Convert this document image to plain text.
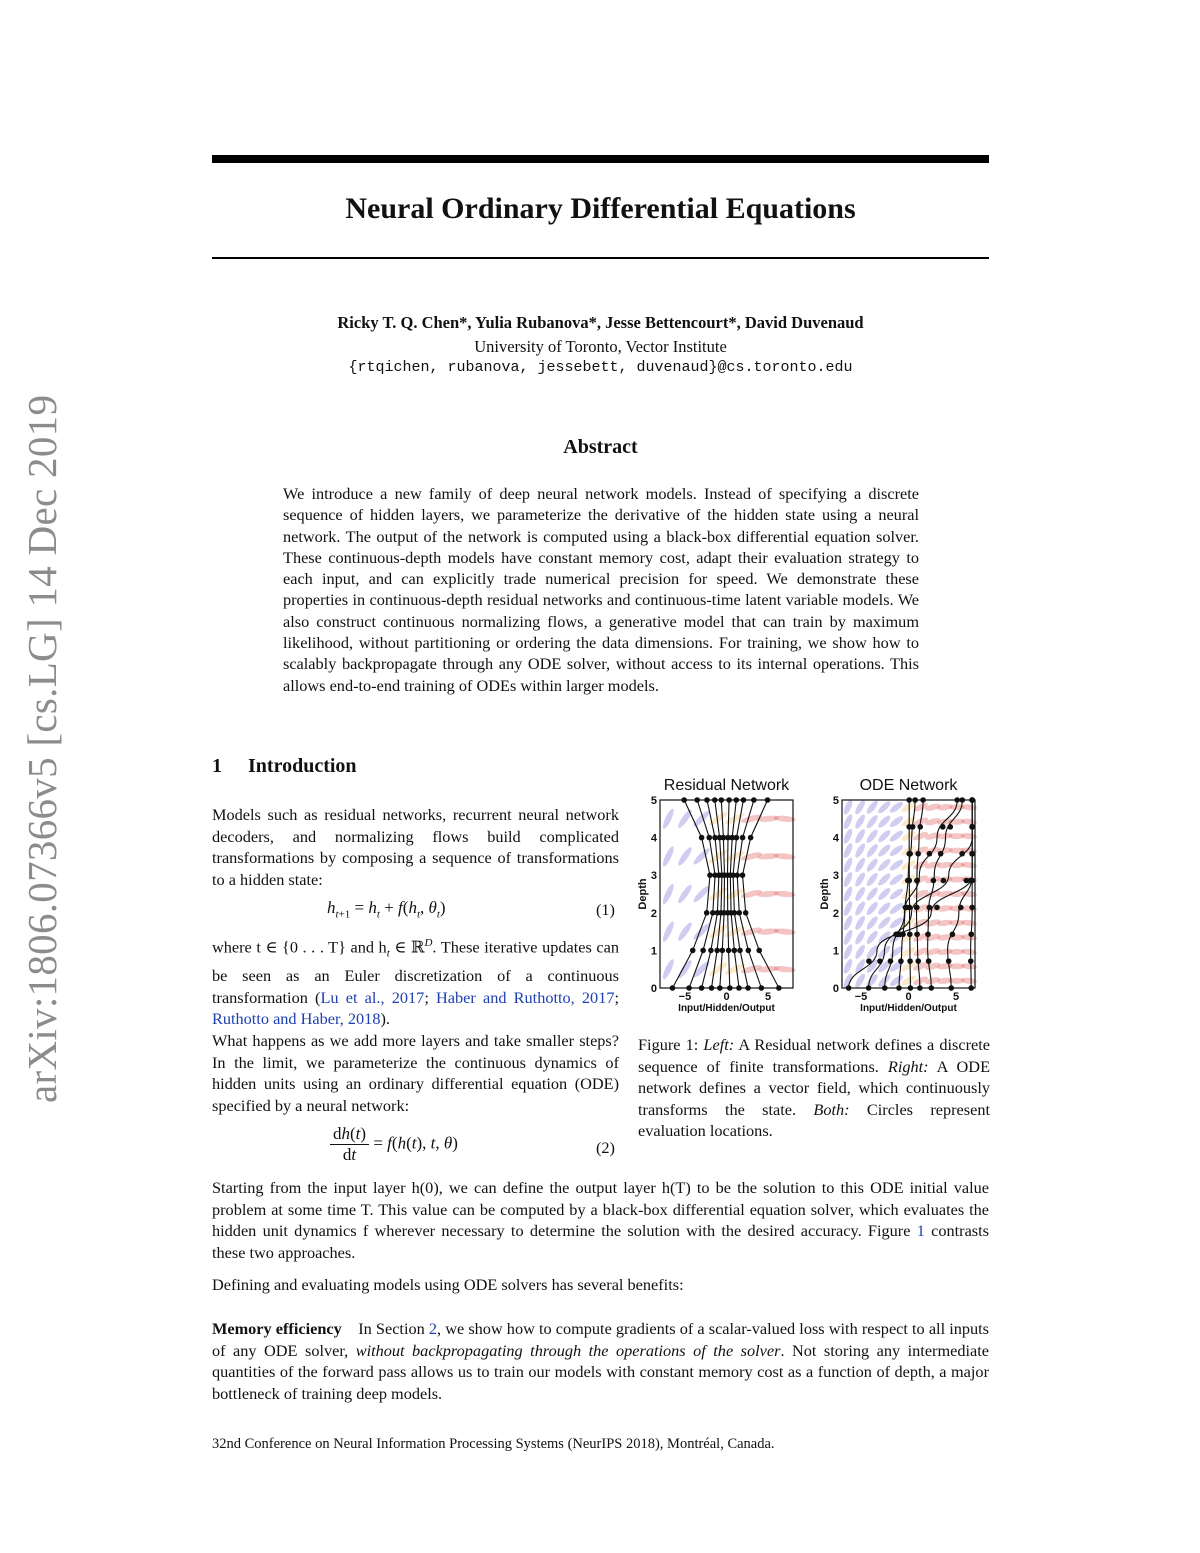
arXiv:1806.07366v5 [cs.LG] 14 Dec 2019
Neural Ordinary Differential Equations
Ricky T. Q. Chen*, Yulia Rubanova*, Jesse Bettencourt*, David Duvenaud
University of Toronto, Vector Institute
{rtqichen, rubanova, jessebett, duvenaud}@cs.toronto.edu
Abstract
We introduce a new family of deep neural network models. Instead of specifying a discrete sequence of hidden layers, we parameterize the derivative of the hidden state using a neural network. The output of the network is computed using a black-box differential equation solver. These continuous-depth models have constant memory cost, adapt their evaluation strategy to each input, and can explicitly trade numerical precision for speed. We demonstrate these properties in continuous-depth residual networks and continuous-time latent variable models. We also construct continuous normalizing flows, a generative model that can train by maximum likelihood, without partitioning or ordering the data dimensions. For training, we show how to scalably backpropagate through any ODE solver, without access to its internal operations. This allows end-to-end training of ODEs within larger models.
1 Introduction
Models such as residual networks, recurrent neural network decoders, and normalizing flows build complicated transformations by composing a sequence of transformations to a hidden state:
$h_{t+1} = h_t + f(h_t$, $\theta_t$)	(1)
where t ∈ {0 . . . T} and $h_t$ ∈ ℝ$^D$. These iterative updates can be seen as an Euler discretization of a continuous transformation (Lu et al., 2017; Haber and Ruthotto, 2017; Ruthotto and Haber, 2018).
What happens as we add more layers and take smaller steps? In the limit, we parameterize the continuous dynamics of hidden units using an ordinary differential equation (ODE) specified by a neural network:
$\frac{dh(t)}{dt} = f(h(t)$, t, θ)	(2)
Starting from the input layer h(0), we can define the output layer h(T) to be the solution to this ODE initial value problem at some time T. This value can be computed by a black-box differential equation solver, which evaluates the hidden unit dynamics f wherever necessary to determine the solution with the desired accuracy. Figure 1 contrasts these two approaches.
Defining and evaluating models using ODE solvers has several benefits:
Memory efficiency In Section 2, we show how to compute gradients of a scalar-valued loss with respect to all inputs of any ODE solver, without backpropagating through the operations of the solver. Not storing any intermediate quantities of the forward pass allows us to train our models with constant memory cost as a function of depth, a major bottleneck of training deep models.
Residual Network
0
1
2
3
4
5
−5	0	5
Input/Hidden/Output
Depth
ODE Network
0
1
2
3
4
5
−5	0	5
Input/Hidden/Output
Depth
Figure 1: Left: A Residual network defines a discrete sequence of finite transformations. Right: A ODE network defines a vector field, which continuously transforms the state. Both: Circles represent evaluation locations.
32nd Conference on Neural Information Processing Systems (NeurIPS 2018), Montréal, Canada.
